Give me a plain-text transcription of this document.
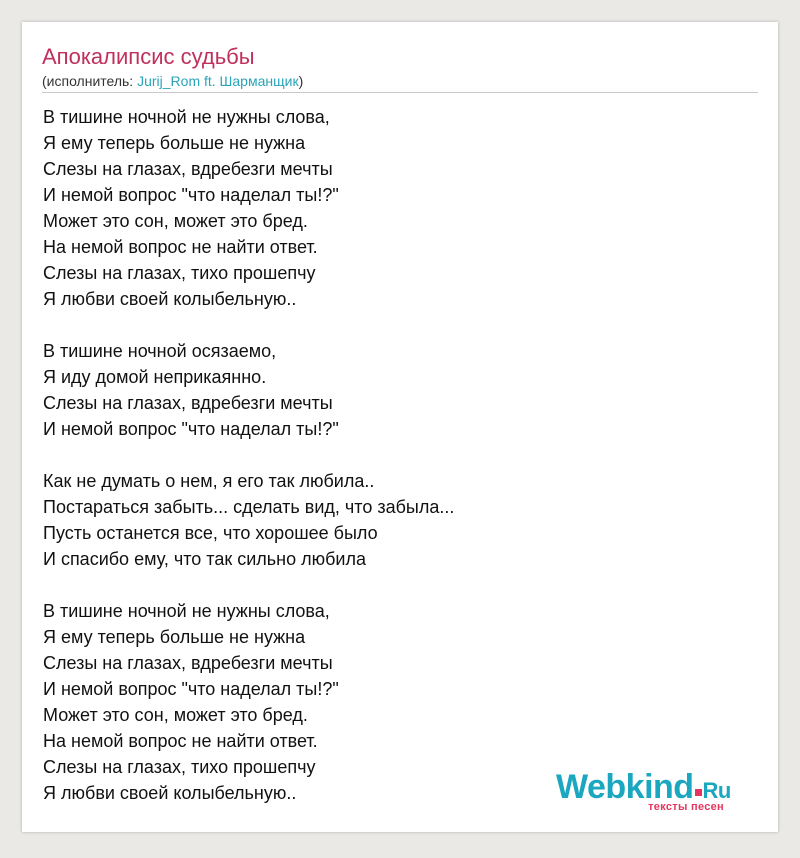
Апокалипсис судьбы
(исполнитель: Jurij_Rom ft. Шарманщик)

В тишине ночной не нужны слова,
Я ему теперь больше не нужна
Слезы на глазах, вдребезги мечты
И немой вопрос "что наделал ты!?"
Может это сон, может это бред.
На немой вопрос не найти ответ.
Слезы на глазах, тихо прошепчу
Я любви своей колыбельную..

В тишине ночной осязаемо,
Я иду домой неприкаянно.
Слезы на глазах, вдребезги мечты
И немой вопрос "что наделал ты!?"

Как не думать о нем, я его так любила..
Постараться забыть... сделать вид, что забыла...
Пусть останется все, что хорошее было
И спасибо ему, что так сильно любила

В тишине ночной не нужны слова,
Я ему теперь больше не нужна
Слезы на глазах, вдребезги мечты
И немой вопрос "что наделал ты!?"
Может это сон, может это бред.
На немой вопрос не найти ответ.
Слезы на глазах, тихо прошепчу
Я любви своей колыбельную..	Webkind Ru
тексты песен
